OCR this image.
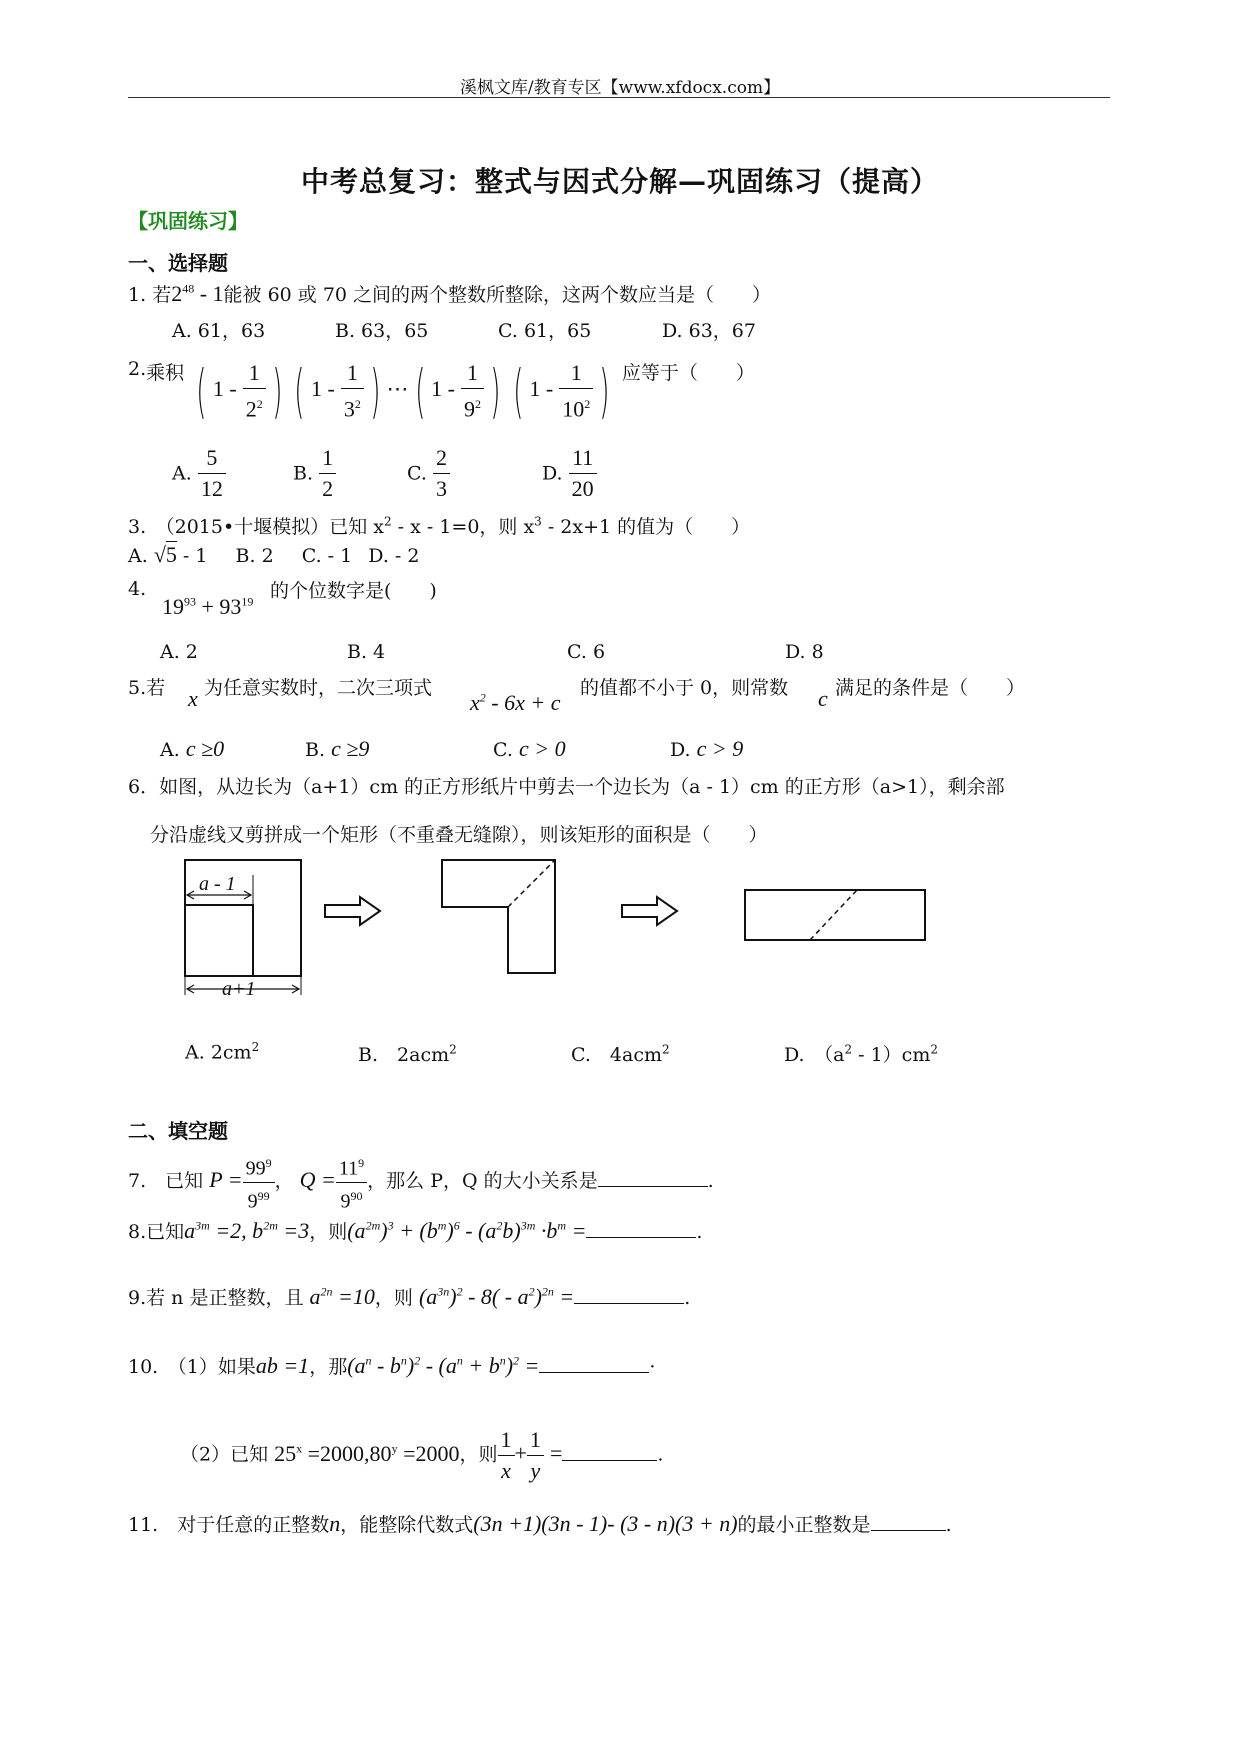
溪枫文库/教育专区【www.xfdocx.com】
中考总复习：整式与因式分解—巩固练习（提高）
【巩固练习】
一、选择题
1. 若$2^{48} - 1$能被 60 或 70 之间的两个整数所整除，这两个数应当是（　　）
A. 61，63	B. 63，65	C. 61，65	D. 63，67
2.乘积 ( $1 - \frac{1}{2^2}$ ) ( $1 - \frac{1}{3^2}$ ) ⋯ ( $1 - \frac{1}{9^2}$ ) ( $1 - \frac{1}{10^2}$ ) 应等于（　　）
A. $\frac{5}{12}$	B. $\frac{1}{2}$	C. $\frac{2}{3}$	D. $\frac{11}{20}$
3.　（2015•十堰模拟）已知 $x^2 - x - 1=0$，则 $x^3 - 2x+1$ 的值为（　　）
A. √5 - 1 B. 2 C. - 1 D. - 2
4.
$19^{93} + 93^{19}$ 的个位数字是(　　)
A. 2	B. 4	C. 6	D. 8
5.若 x 为任意实数时，二次三项式
$x^2 - 6x + c$
的值都不小于 0，则常数 c 满足的条件是（　　）
A. c ≥0	B. c ≥9	C. c > 0	D. c > 9
6．如图，从边长为（a+1）cm 的正方形纸片中剪去一个边长为（a - 1）cm 的正方形（a>1），剩余部
分沿虚线又剪拼成一个矩形（不重叠无缝隙），则该矩形的面积是（　　）
a - 1
a+1
A. $2cm^2$	B.　 2acm$^2$	C.　 4acm$^2$	D.　 $(a^2 - 1)cm^2$
二、填空题
7.　 已知 $P = \frac{99^9}{9^{99}}$ ， $Q = \frac{11^9}{9^{90}}$ ，那么 P，Q 的大小关系是	.
8.已知$a^{3m} =2$, $b^{2m} =3$，则$(a^{2m})^3 + (b^m)^6 - (a^2b)^{3m} \cdot b^m$ =	.
9.若 n 是正整数，且 $a^{2n} =10$，则 $(a^{3n})^2 - 8( - a^2)^{2n}$ =	.
10.　 （1）如果ab =1，那$(a^n - b^n)^2 - (a^n + b^n)^2$ =	·
（2）已知 $25^x =2000,80^y =2000$，则 $\frac{1}{x} + \frac{1}{y}$ =	.
11.　 对于任意的正整数n，能整除代数式(3n +1)(3n - 1)- (3 - n)(3 + n)的最小正整数是	.
